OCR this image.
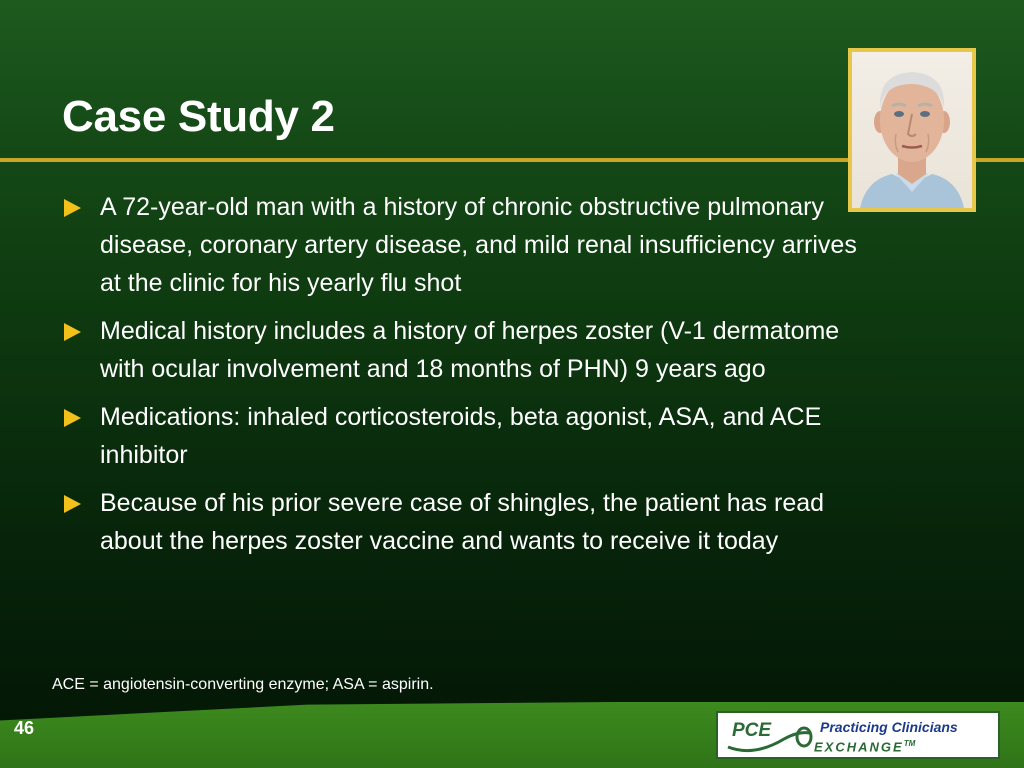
Case Study 2
A 72-year-old man with a history of chronic obstructive pulmonary disease, coronary artery disease, and mild renal insufficiency arrives at the clinic for his yearly flu shot
Medical history includes a history of herpes zoster (V-1 dermatome with ocular involvement and 18 months of PHN) 9 years ago
Medications: inhaled corticosteroids, beta agonist, ASA, and ACE inhibitor
Because of his prior severe case of shingles, the patient has read about the herpes zoster vaccine and wants to receive it today
ACE = angiotensin-converting enzyme; ASA = aspirin.
46	PCE	Practicing Clinicians
EXCHANGE™
